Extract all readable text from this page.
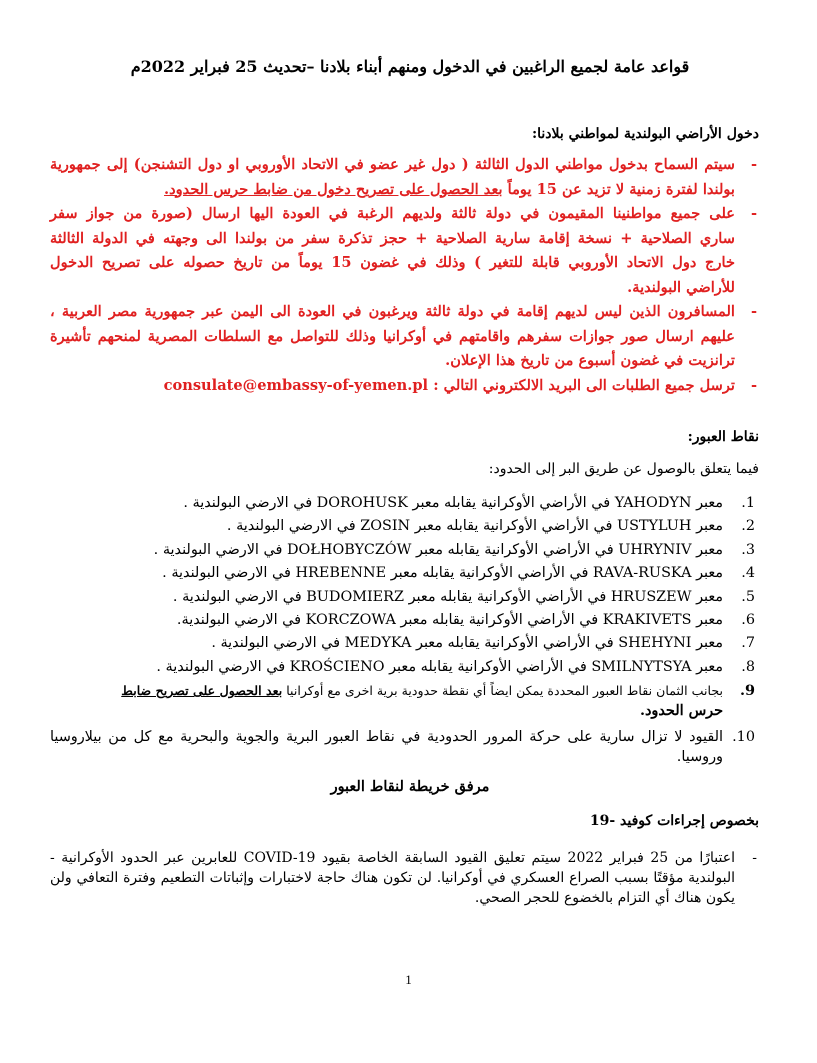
قواعد عامة لجميع الراغبين في الدخول ومنهم أبناء بلادنا –تحديث 25 فبراير 2022م
دخول الأراضي البولندية لمواطني بلادنا:
-
سيتم السماح بدخول مواطني الدول الثالثة ( دول غير عضو في الاتحاد الأوروبي او دول التشنجن) إلى جمهورية
بولندا لفترة زمنية لا تزيد عن 15 يوماً بعد الحصول على تصريح دخول من ضابط حرس الحدود.
-
على جميع مواطنينا المقيمون في دولة ثالثة ولديهم الرغبة في العودة اليها ارسال (صورة من جواز سفر
ساري الصلاحية + نسخة إقامة سارية الصلاحية + حجز تذكرة سفر من بولندا الى وجهته في الدولة الثالثة
خارج دول الاتحاد الأوروبي قابلة للتغير ) وذلك في غضون 15 يوماً من تاريخ حصوله على تصريح الدخول
للأراضي البولندية.
-
المسافرون الذين ليس لديهم إقامة في دولة ثالثة ويرغبون في العودة الى اليمن عبر جمهورية مصر العربية ،
عليهم ارسال صور جوازات سفرهم واقامتهم في أوكرانيا وذلك للتواصل مع السلطات المصرية لمنحهم تأشيرة
ترانزيت في غضون أسبوع من تاريخ هذا الإعلان.
-
ترسل جميع الطلبات الى البريد الالكتروني التالي : consulate@embassy-of-yemen.pl
نقاط العبور:
فيما يتعلق بالوصول عن طريق البر إلى الحدود:
.1
معبر YAHODYN في الأراضي الأوكرانية يقابله معبر DOROHUSK في الارضي البولندية .
.2
معبر USTYLUH في الأراضي الأوكرانية يقابله معبر ZOSIN في الارضي البولندية .
.3
معبر UHRYNIV في الأراضي الأوكرانية يقابله معبر DOŁHOBYCZÓW في الارضي البولندية .
.4
معبر RAVA-RUSKA في الأراضي الأوكرانية يقابله معبر HREBENNE في الارضي البولندية .
.5
معبر HRUSZEW في الأراضي الأوكرانية يقابله معبر BUDOMIERZ في الارضي البولندية .
.6
معبر KRAKIVETS في الأراضي الأوكرانية يقابله معبر KORCZOWA في الارضي البولندية.
.7
معبر SHEHYNI في الأراضي الأوكرانية يقابله معبر MEDYKA في الارضي البولندية .
.8
معبر SMILNYTSYA في الأراضي الأوكرانية يقابله معبر KROŚCIENO في الارضي البولندية .
.9
بجانب الثمان نقاط العبور المحددة يمكن ايضاً أي نقطة حدودية برية اخرى مع أوكرانيا بعد الحصول على تصريح ضابط
حرس الحدود.
.10
القيود لا تزال سارية على حركة المرور الحدودية في نقاط العبور البرية والجوية والبحرية مع كل من بيلاروسيا
وروسيا.
مرفق خريطة لنقاط العبور
بخصوص إجراءات كوفيد -19
-
اعتبارًا من 25 فبراير 2022 سيتم تعليق القيود السابقة الخاصة بقيود COVID-19 للعابرين عبر الحدود الأوكرانية -
البولندية مؤقتًا بسبب الصراع العسكري في أوكرانيا. لن تكون هناك حاجة لاختبارات وإثباتات التطعيم وفترة التعافي ولن
يكون هناك أي التزام بالخضوع للحجر الصحي.
1
